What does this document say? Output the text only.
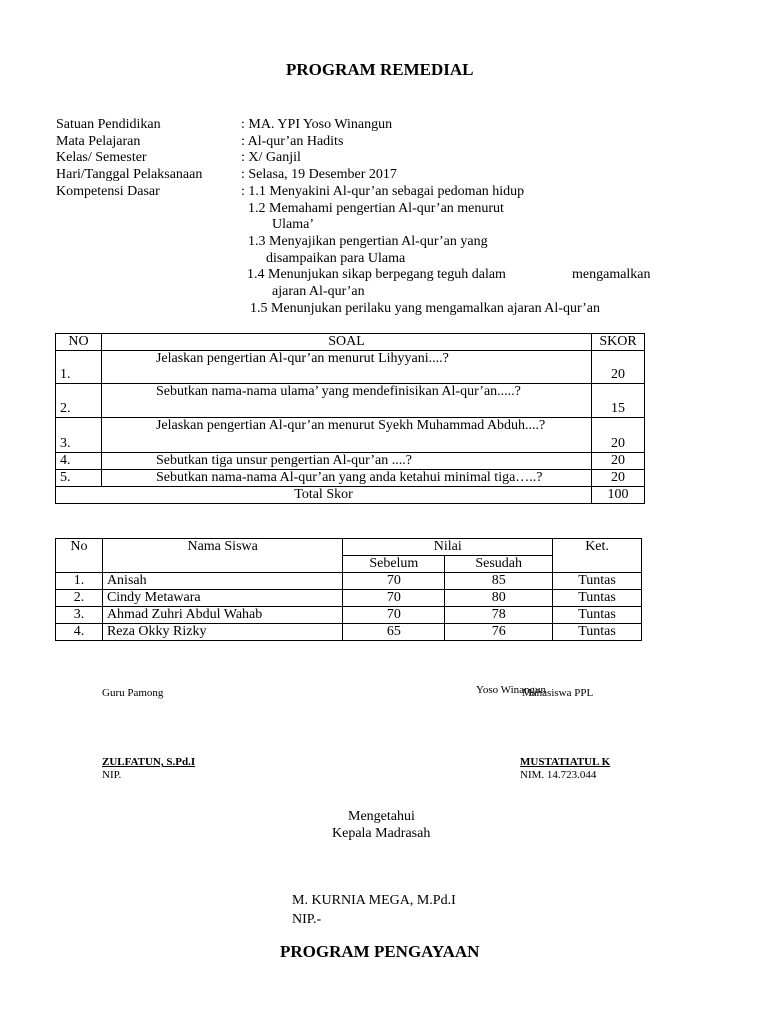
PROGRAM REMEDIAL
Satuan Pendidikan	: MA. YPI Yoso Winangun
Mata Pelajaran	: Al-qur’an Hadits
Kelas/ Semester	: X/ Ganjil
Hari/Tanggal Pelaksanaan	: Selasa, 19 Desember 2017
Kompetensi Dasar	: 1.1 Menyakini Al-qur’an sebagai pedoman hidup
1.2 Memahami pengertian Al-qur’an menurut
Ulama’
1.3 Menyajikan pengertian Al-qur’an yang
disampaikan para Ulama
1.4 Menunjukan sikap berpegang teguh dalam	mengamalkan
ajaran Al-qur’an
1.5 Menunjukan perilaku yang mengamalkan ajaran Al-qur’an
NO	SOAL	SKOR
1.	Jelaskan pengertian Al-qur’an menurut Lihyyani....?	20
2.	Sebutkan nama-nama ulama’ yang mendefinisikan Al-qur’an.....?	15
3.	Jelaskan pengertian Al-qur’an menurut Syekh Muhammad Abduh....?	20
4.	Sebutkan tiga unsur pengertian Al-qur’an ....?	20
5.	Sebutkan nama-nama Al-qur’an yang anda ketahui minimal tiga…..?	20
Total Skor		100
No	Nama Siswa	Nilai		Ket.
		Sebelum	Sesudah	
1.	Anisah	70	85	Tuntas
2.	Cindy Metawara	70	80	Tuntas
3.	Ahmad Zuhri Abdul Wahab	70	78	Tuntas
4.	Reza Okky Rizky	65	76	Tuntas
Guru Pamong	Yoso Winangun
Mahasiswa PPL
ZULFATUN, S.Pd.I
NIP.
MUSTATIATUL K
NIM. 14.723.044
Mengetahui
Kepala Madrasah
M. KURNIA MEGA, M.Pd.I
NIP.-
PROGRAM PENGAYAAN
